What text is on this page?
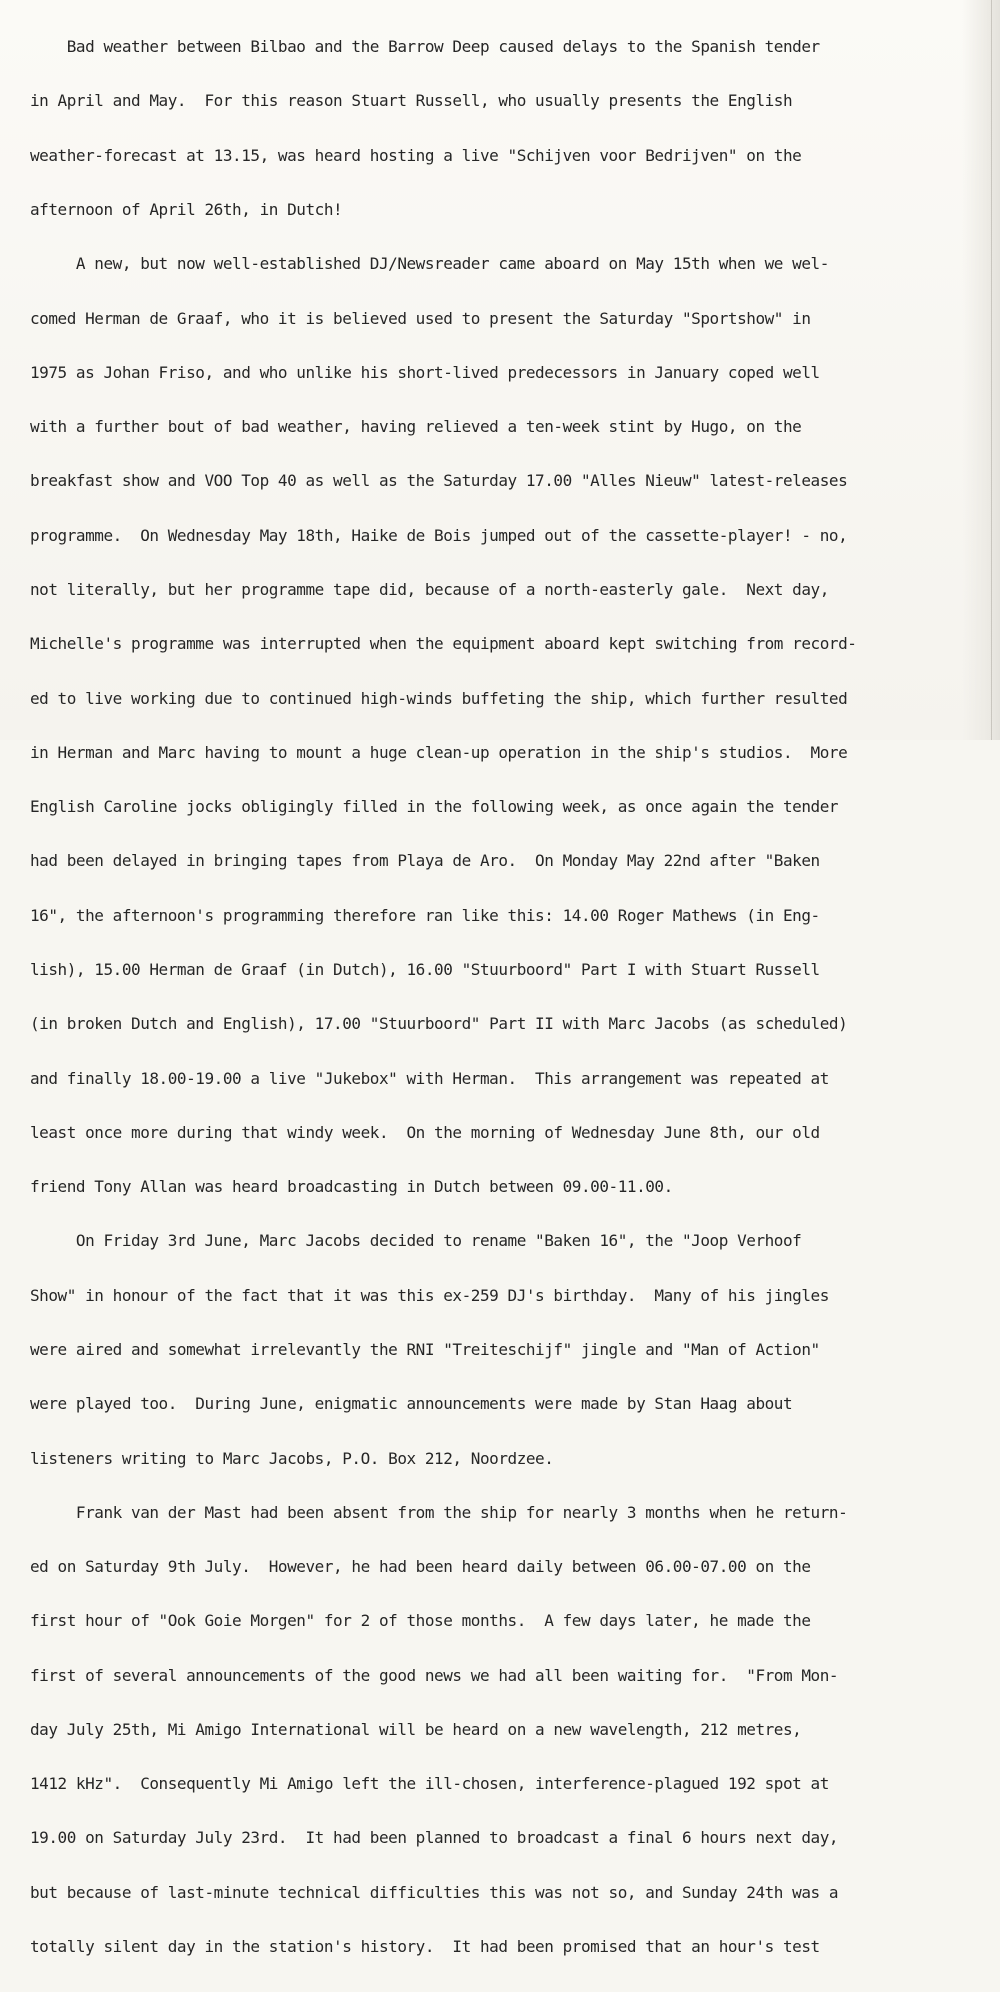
Bad weather between Bilbao and the Barrow Deep caused delays to the Spanish tender

in April and May.  For this reason Stuart Russell, who usually presents the English

weather-forecast at 13.15, was heard hosting a live "Schijven voor Bedrijven" on the

afternoon of April 26th, in Dutch!

A new, but now well-established DJ/Newsreader came aboard on May 15th when we wel-

comed Herman de Graaf, who it is believed used to present the Saturday "Sportshow" in

1975 as Johan Friso, and who unlike his short-lived predecessors in January coped well

with a further bout of bad weather, having relieved a ten-week stint by Hugo, on the

breakfast show and VOO Top 40 as well as the Saturday 17.00 "Alles Nieuw" latest-releases

programme.  On Wednesday May 18th, Haike de Bois jumped out of the cassette-player! - no,

not literally, but her programme tape did, because of a north-easterly gale.  Next day,

Michelle's programme was interrupted when the equipment aboard kept switching from record-

ed to live working due to continued high-winds buffeting the ship, which further resulted

in Herman and Marc having to mount a huge clean-up operation in the ship's studios.  More

English Caroline jocks obligingly filled in the following week, as once again the tender

had been delayed in bringing tapes from Playa de Aro.  On Monday May 22nd after "Baken

16", the afternoon's programming therefore ran like this: 14.00 Roger Mathews (in Eng-

lish), 15.00 Herman de Graaf (in Dutch), 16.00 "Stuurboord" Part I with Stuart Russell

(in broken Dutch and English), 17.00 "Stuurboord" Part II with Marc Jacobs (as scheduled)

and finally 18.00-19.00 a live "Jukebox" with Herman.  This arrangement was repeated at

least once more during that windy week.  On the morning of Wednesday June 8th, our old

friend Tony Allan was heard broadcasting in Dutch between 09.00-11.00.

On Friday 3rd June, Marc Jacobs decided to rename "Baken 16", the "Joop Verhoof

Show" in honour of the fact that it was this ex-259 DJ's birthday.  Many of his jingles

were aired and somewhat irrelevantly the RNI "Treiteschijf" jingle and "Man of Action"

were played too.  During June, enigmatic announcements were made by Stan Haag about

listeners writing to Marc Jacobs, P.O. Box 212, Noordzee.

Frank van der Mast had been absent from the ship for nearly 3 months when he return-

ed on Saturday 9th July.  However, he had been heard daily between 06.00-07.00 on the

first hour of "Ook Goie Morgen" for 2 of those months.  A few days later, he made the

first of several announcements of the good news we had all been waiting for.  "From Mon-

day July 25th, Mi Amigo International will be heard on a new wavelength, 212 metres,

1412 kHz".  Consequently Mi Amigo left the ill-chosen, interference-plagued 192 spot at

19.00 on Saturday July 23rd.  It had been planned to broadcast a final 6 hours next day,

but because of last-minute technical difficulties this was not so, and Sunday 24th was a

totally silent day in the station's history.  It had been promised that an hour's test
